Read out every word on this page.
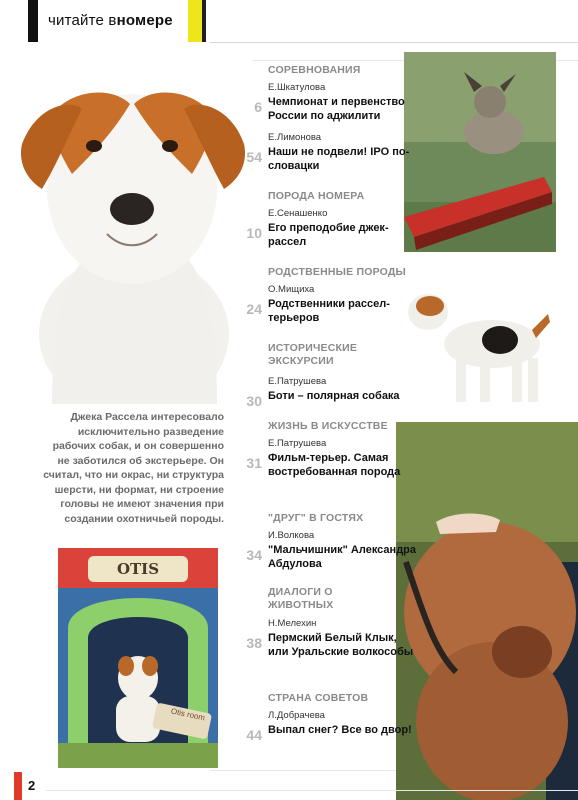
читайте вномере
Джека Рассела интересовало исключительно разведение рабочих собак, и он совершенно не заботился об экстерьере. Он считал, что ни окрас, ни структура шерсти, ни формат, ни строение головы не имеют значения при создании охотничьей породы.
OTIS
Otis room
СОРЕВНОВАНИЯ
6
Е.Шкатулова
Чемпионат и первенство России по аджилити
54
Е.Лимонова
Наши не подвели! IPO по-словацки
ПОРОДА НОМЕРА
10
Е.Сенашенко
Его преподобие джек-рассел
РОДСТВЕННЫЕ ПОРОДЫ
24
О.Мищиха
Родственники рассел-терьеров
ИСТОРИЧЕСКИЕ ЭКСКУРСИИ
30
Е.Патрушева
Боти – полярная собака
ЖИЗНЬ В ИСКУССТВЕ
31
Е.Патрушева
Фильм-терьер. Самая востребованная порода
"ДРУГ" В ГОСТЯХ
34
И.Волкова
"Мальчишник" Александра Абдулова
ДИАЛОГИ О ЖИВОТНЫХ
38
Н.Мелехин
Пермский Белый Клык, или Уральские волкособы
СТРАНА СОВЕТОВ
44
Л.Добрачева
Выпал снег? Все во двор!
2
